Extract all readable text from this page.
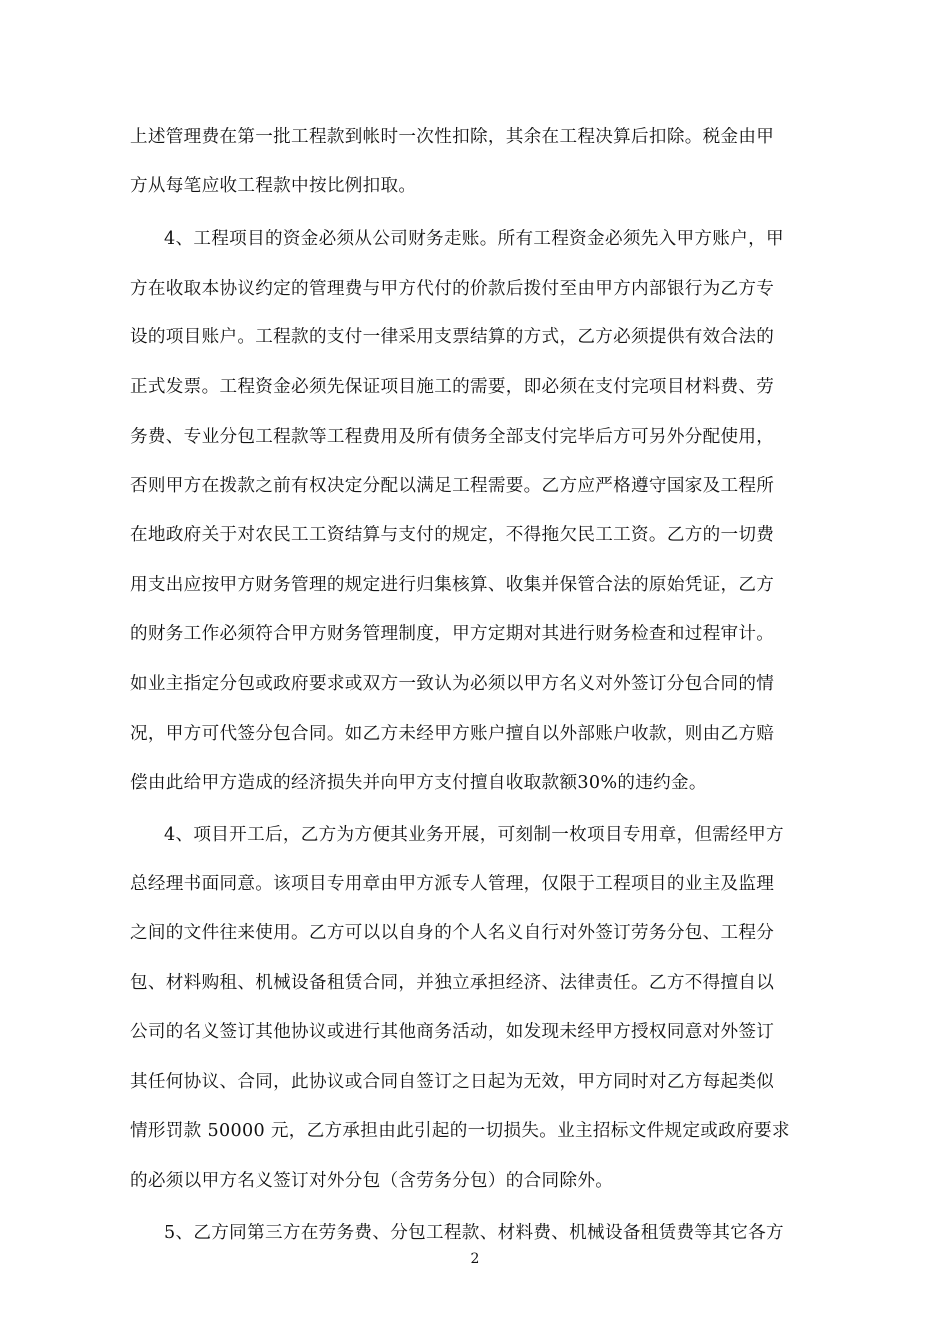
上述管理费在第一批工程款到帐时一次性扣除，其余在工程决算后扣除。税金由甲
方从每笔应收工程款中按比例扣取。
4、工程项目的资金必须从公司财务走账。所有工程资金必须先入甲方账户，甲
方在收取本协议约定的管理费与甲方代付的价款后拨付至由甲方内部银行为乙方专
设的项目账户。工程款的支付一律采用支票结算的方式，乙方必须提供有效合法的
正式发票。工程资金必须先保证项目施工的需要，即必须在支付完项目材料费、劳
务费、专业分包工程款等工程费用及所有债务全部支付完毕后方可另外分配使用，
否则甲方在拨款之前有权决定分配以满足工程需要。乙方应严格遵守国家及工程所
在地政府关于对农民工工资结算与支付的规定，不得拖欠民工工资。乙方的一切费
用支出应按甲方财务管理的规定进行归集核算、收集并保管合法的原始凭证，乙方
的财务工作必须符合甲方财务管理制度，甲方定期对其进行财务检查和过程审计。
如业主指定分包或政府要求或双方一致认为必须以甲方名义对外签订分包合同的情
况，甲方可代签分包合同。如乙方未经甲方账户擅自以外部账户收款，则由乙方赔
偿由此给甲方造成的经济损失并向甲方支付擅自收取款额30%的违约金。
4、项目开工后，乙方为方便其业务开展，可刻制一枚项目专用章，但需经甲方
总经理书面同意。该项目专用章由甲方派专人管理，仅限于工程项目的业主及监理
之间的文件往来使用。乙方可以以自身的个人名义自行对外签订劳务分包、工程分
包、材料购租、机械设备租赁合同，并独立承担经济、法律责任。乙方不得擅自以
公司的名义签订其他协议或进行其他商务活动，如发现未经甲方授权同意对外签订
其任何协议、合同，此协议或合同自签订之日起为无效，甲方同时对乙方每起类似
情形罚款 50000 元，乙方承担由此引起的一切损失。业主招标文件规定或政府要求
的必须以甲方名义签订对外分包（含劳务分包）的合同除外。
5、乙方同第三方在劳务费、分包工程款、材料费、机械设备租赁费等其它各方
2
